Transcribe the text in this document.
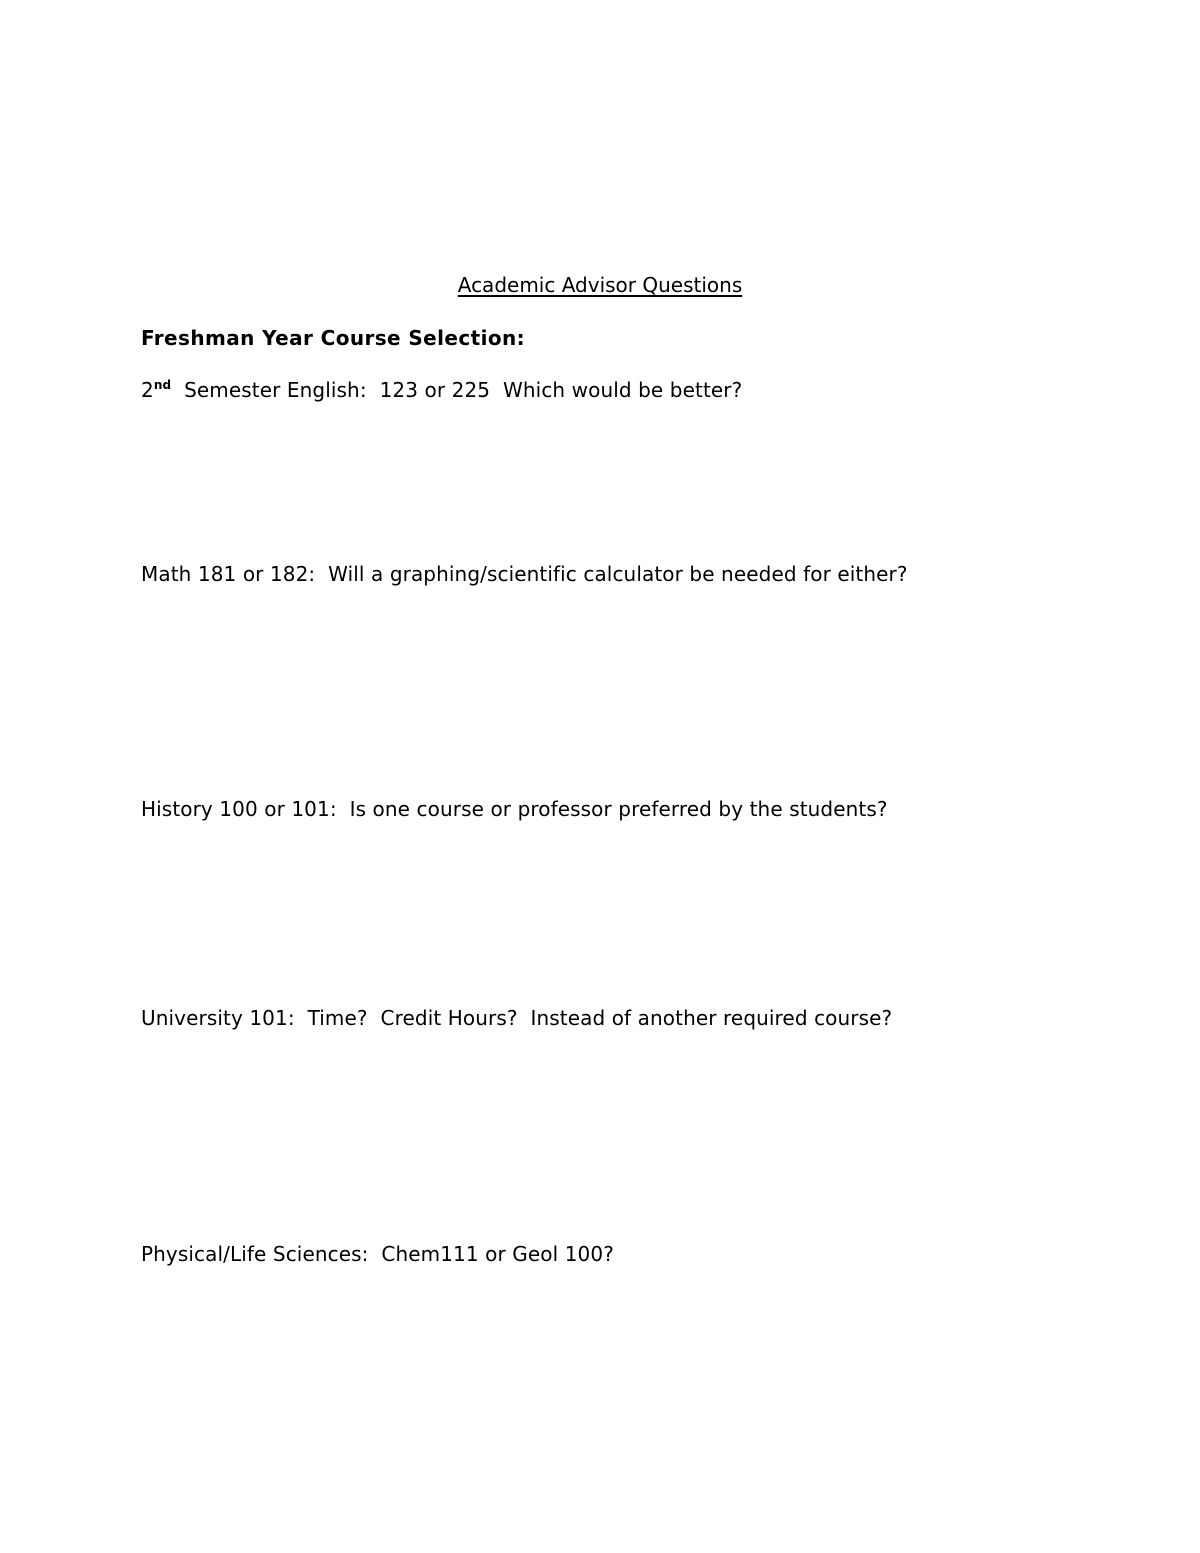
Academic Advisor Questions
Freshman Year Course Selection:
2nd  Semester English:  123 or 225  Which would be better?
Math 181 or 182:  Will a graphing/scientific calculator be needed for either?
History 100 or 101:  Is one course or professor preferred by the students?
University 101:  Time?  Credit Hours?  Instead of another required course?
Physical/Life Sciences:  Chem111 or Geol 100?
